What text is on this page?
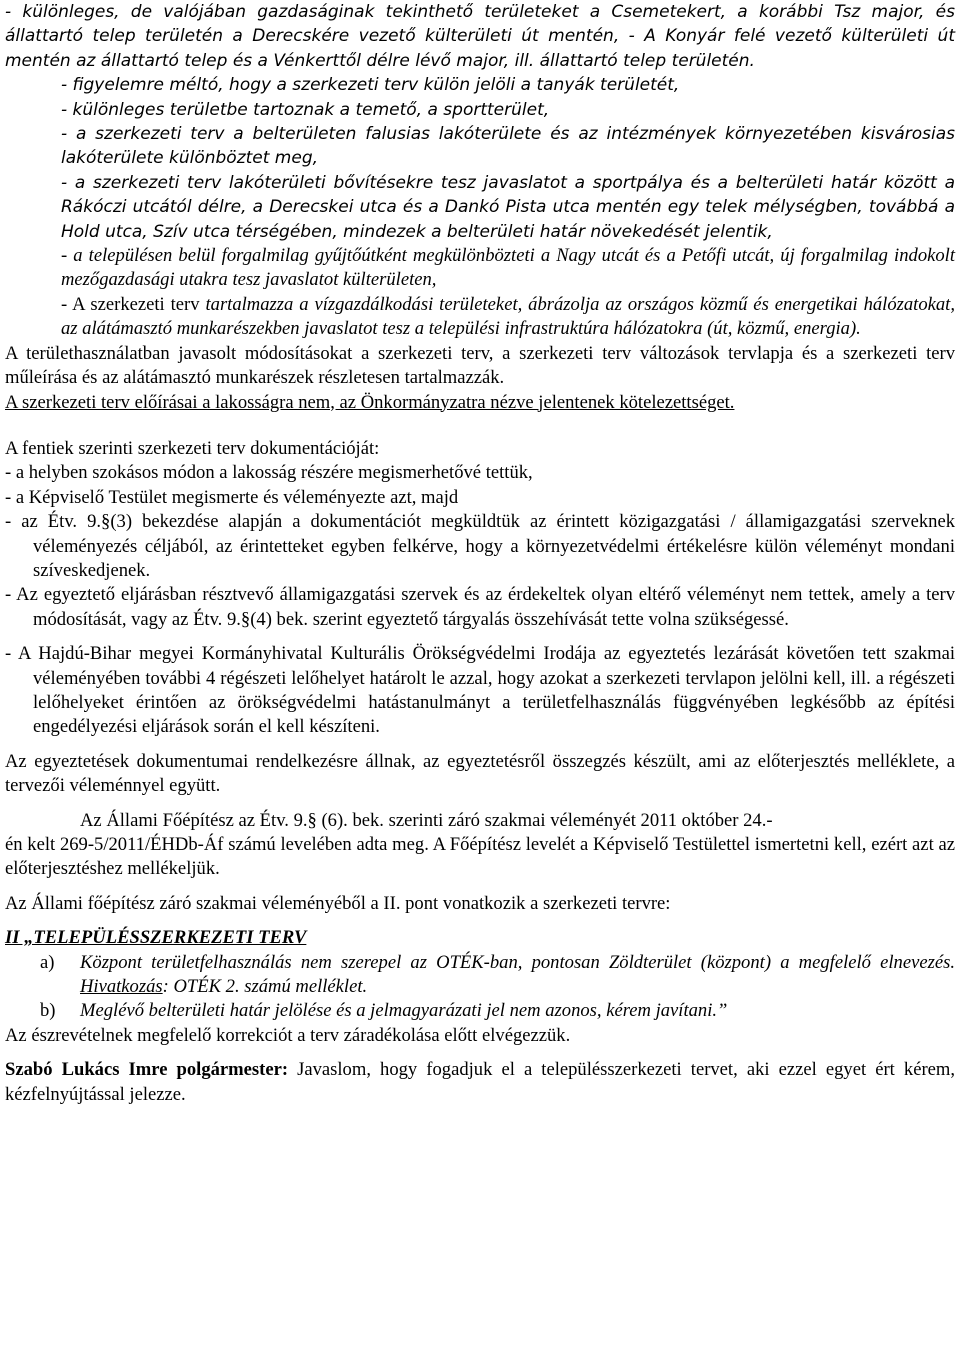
- különleges, de valójában gazdaságinak tekinthető területeket a Csemetekert, a korábbi Tsz major, és állattartó telep területén a Derecskére vezető külterületi út mentén, - A Konyár felé vezető külterületi út mentén az állattartó telep és a Vénkerttől délre lévő major, ill. állattartó telep területén.

- figyelemre méltó, hogy a szerkezeti terv külön jelöli a tanyák területét,

- különleges területbe tartoznak a temető, a sportterület,

- a szerkezeti terv a belterületen falusias lakóterülete és az intézmények környezetében kisvárosias lakóterülete különböztet meg,

- a szerkezeti terv lakóterületi bővítésekre tesz javaslatot a sportpálya és a belterületi határ között a Rákóczi utcától délre, a Derecskei utca és a Dankó Pista utca mentén egy telek mélységben, továbbá a Hold utca, Szív utca térségében, mindezek a belterületi határ növekedését jelentik,

- a településen belül forgalmilag gyűjtőútként megkülönbözteti a Nagy utcát és a Petőfi utcát, új forgalmilag indokolt mezőgazdasági utakra tesz javaslatot külterületen,

- A szerkezeti terv tartalmazza a vízgazdálkodási területeket, ábrázolja az országos közmű és energetikai hálózatokat, az alátámasztó munkarészekben javaslatot tesz a települési infrastruktúra hálózatokra (út, közmű, energia).

A területhasználatban javasolt módosításokat a szerkezeti terv, a szerkezeti terv változások tervlapja és a szerkezeti terv műleírása és az alátámasztó munkarészek részletesen tartalmazzák.

A szerkezeti terv előírásai a lakosságra nem, az Önkormányzatra nézve jelentenek kötelezettséget.

A fentiek szerinti szerkezeti terv dokumentációját:

- a helyben szokásos módon a lakosság részére megismerhetővé tettük,

- a Képviselő Testület megismerte és véleményezte azt, majd

- az Étv. 9.§(3) bekezdése alapján a dokumentációt megküldtük az érintett közigazgatási / államigazgatási szerveknek véleményezés céljából, az érintetteket egyben felkérve, hogy a környezetvédelmi értékelésre külön véleményt mondani szíveskedjenek.

- Az egyeztető eljárásban résztvevő államigazgatási szervek és az érdekeltek olyan eltérő véleményt nem tettek, amely a terv módosítását, vagy az Étv. 9.§(4) bek. szerint egyeztető tárgyalás összehívását tette volna szükségessé.

- A Hajdú-Bihar megyei Kormányhivatal Kulturális Örökségvédelmi Irodája az egyeztetés lezárását követően tett szakmai véleményében további 4 régészeti lelőhelyet határolt le azzal, hogy azokat a szerkezeti tervlapon jelölni kell, ill. a régészeti lelőhelyeket érintően az örökségvédelmi hatástanulmányt a területfelhasználás függvényében legkésőbb az építési engedélyezési eljárások során el kell készíteni.

Az egyeztetések dokumentumai rendelkezésre állnak, az egyeztetésről összegzés készült, ami az előterjesztés melléklete, a tervezői véleménnyel együtt.

Az Állami Főépítész az Étv. 9.§ (6). bek. szerinti záró szakmai véleményét 2011 október 24.-

én kelt 269-5/2011/ÉHDb-Áf számú levelében adta meg. A Főépítész levelét a Képviselő Testülettel ismertetni kell, ezért azt az előterjesztéshez mellékeljük.

Az Állami főépítész záró szakmai véleményéből a II. pont vonatkozik a szerkezeti tervre:

II „TELEPÜLÉSSZERKEZETI TERV

a)	Központ területfelhasználás nem szerepel az OTÉK-ban, pontosan Zöldterület (központ) a megfelelő elnevezés. Hivatkozás: OTÉK 2. számú melléklet.
b)	Meglévő belterületi határ jelölése és a jelmagyarázati jel nem azonos, kérem javítani.”

Az észrevételnek megfelelő korrekciót a terv záradékolása előtt elvégezzük.

Szabó Lukács Imre polgármester: Javaslom, hogy fogadjuk el a településszerkezeti tervet, aki ezzel egyet ért kérem, kézfelnyújtással jelezze.
